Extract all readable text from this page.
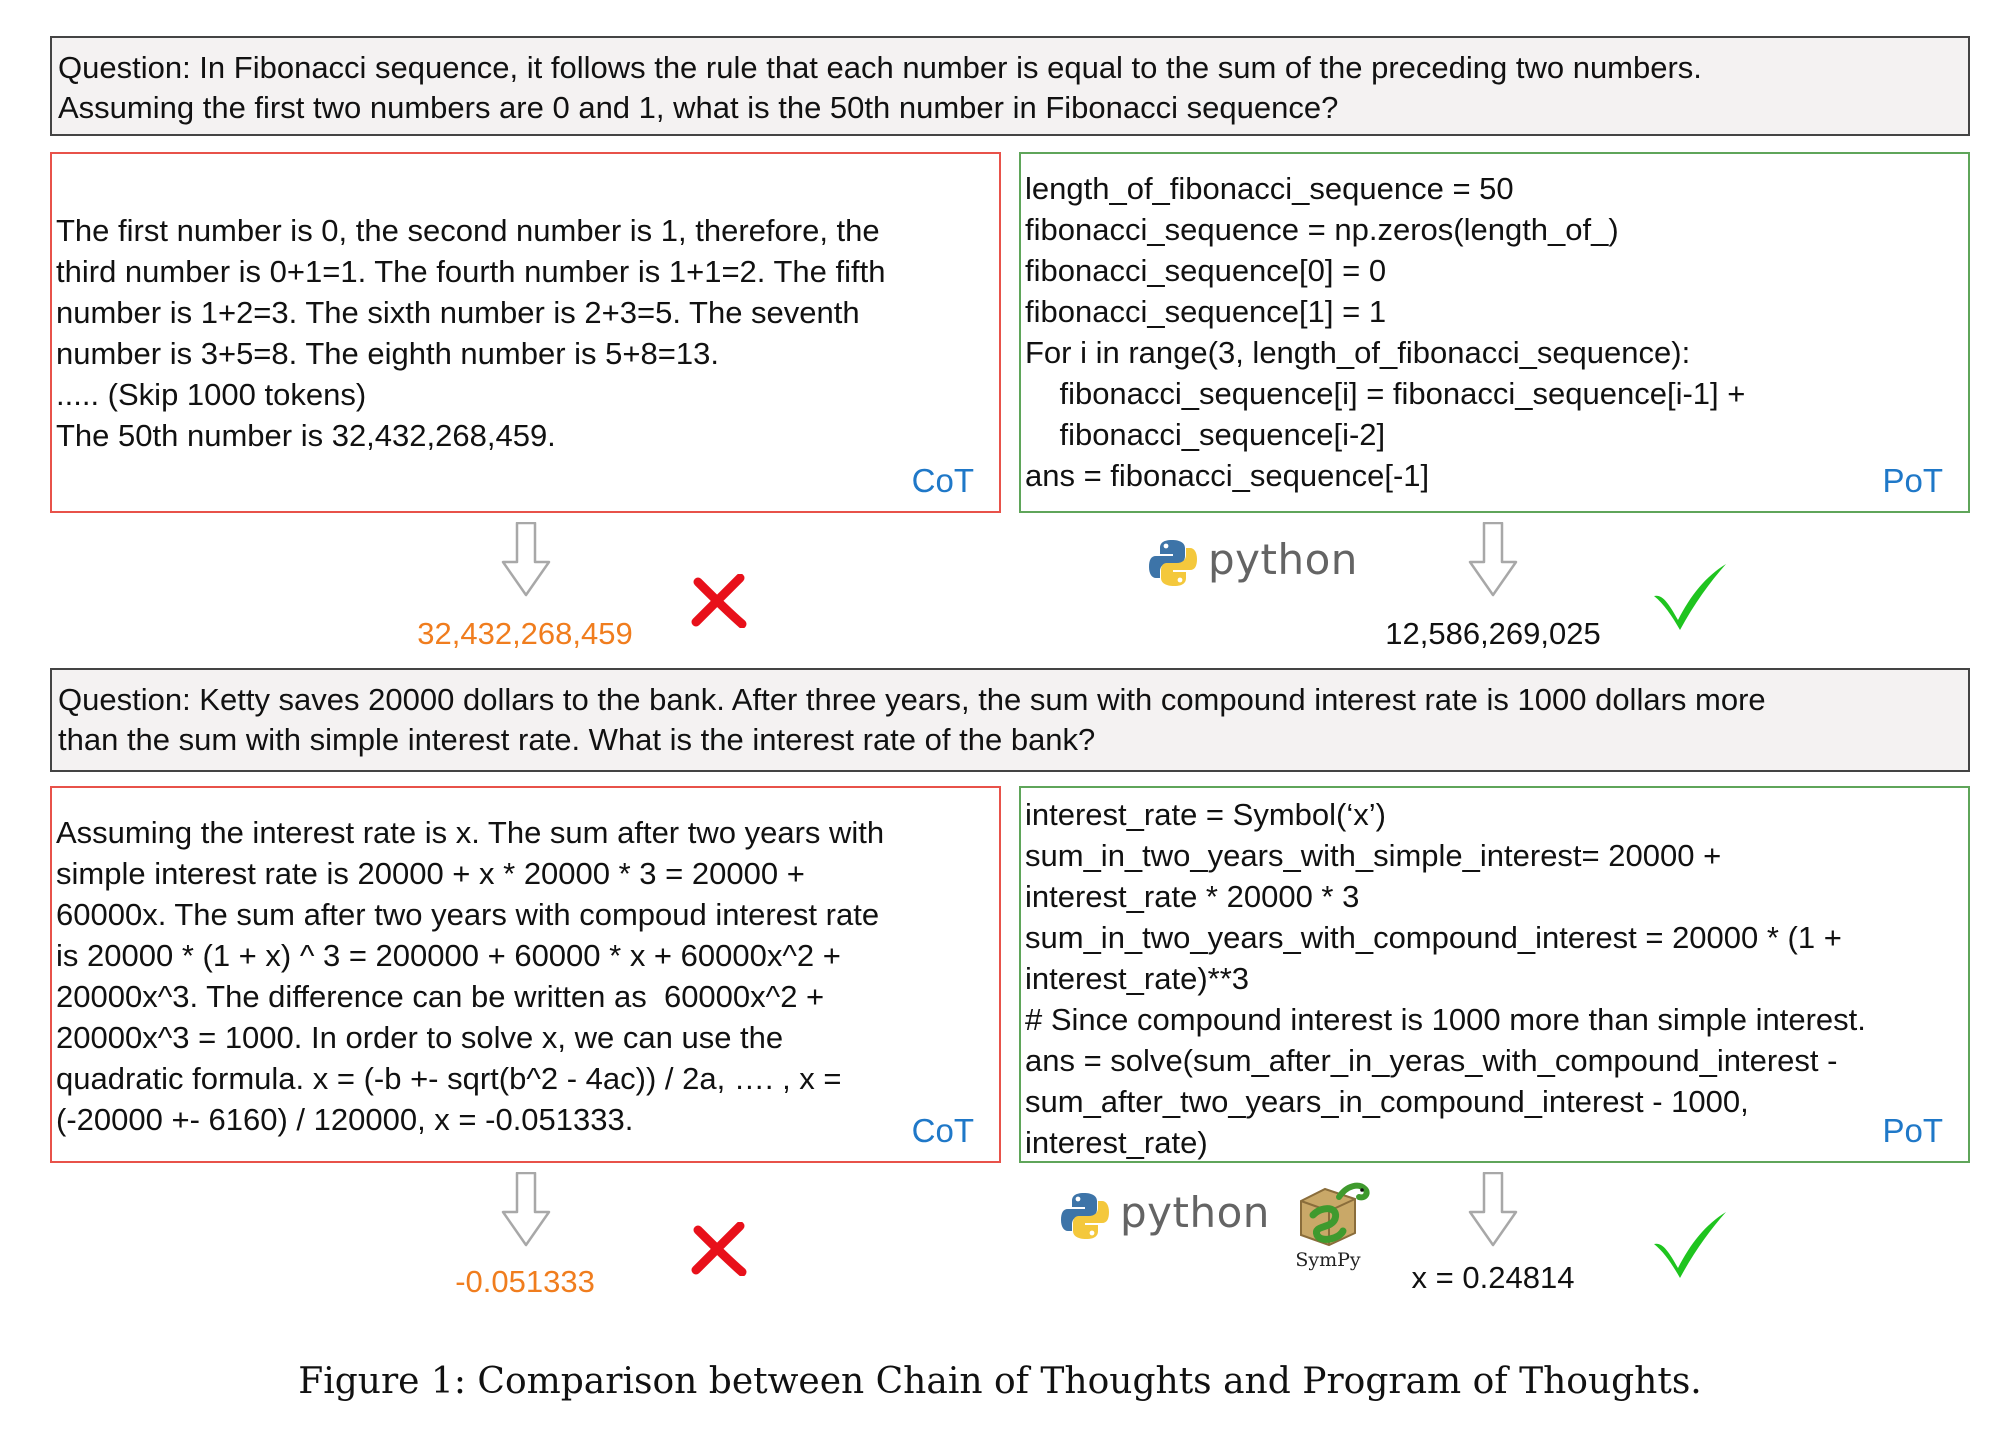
Question: In Fibonacci sequence, it follows the rule that each number is equal to the sum of the preceding two numbers.
Assuming the first two numbers are 0 and 1, what is the 50th number in Fibonacci sequence?
The first number is 0, the second number is 1, therefore, the
third number is 0+1=1. The fourth number is 1+1=2. The fifth
number is 1+2=3. The sixth number is 2+3=5. The seventh
number is 3+5=8. The eighth number is 5+8=13.
..... (Skip 1000 tokens)
The 50th number is 32,432,268,459.
CoT
length_of_fibonacci_sequence = 50
fibonacci_sequence = np.zeros(length_of_)
fibonacci_sequence[0] = 0
fibonacci_sequence[1] = 1
For i in range(3, length_of_fibonacci_sequence):
fibonacci_sequence[i] = fibonacci_sequence[i-1] +
fibonacci_sequence[i-2]
ans = fibonacci_sequence[-1]	PoT
32,432,268,459
python
12,586,269,025
Question: Ketty saves 20000 dollars to the bank. After three years, the sum with compound interest rate is 1000 dollars more
than the sum with simple interest rate. What is the interest rate of the bank?
Assuming the interest rate is x. The sum after two years with
simple interest rate is 20000 + x * 20000 * 3 = 20000 +
60000x. The sum after two years with compoud interest rate
is 20000 * (1 + x) ^ 3 = 200000 + 60000 * x + 60000x^2 +
20000x^3. The difference can be written as  60000x^2 +
20000x^3 = 1000. In order to solve x, we can use the
quadratic formula. x = (-b +- sqrt(b^2 - 4ac)) / 2a, …. , x =
(-20000 +- 6160) / 120000, x = -0.051333.	CoT
interest_rate = Symbol(‘x’)
sum_in_two_years_with_simple_interest= 20000 +
interest_rate * 20000 * 3
sum_in_two_years_with_compound_interest = 20000 * (1 +
interest_rate)**3
# Since compound interest is 1000 more than simple interest.
ans = solve(sum_after_in_yeras_with_compound_interest -
sum_after_two_years_in_compound_interest - 1000,
interest_rate)	PoT
-0.051333
python
SymPy	x = 0.24814
Figure 1: Comparison between Chain of Thoughts and Program of Thoughts.
